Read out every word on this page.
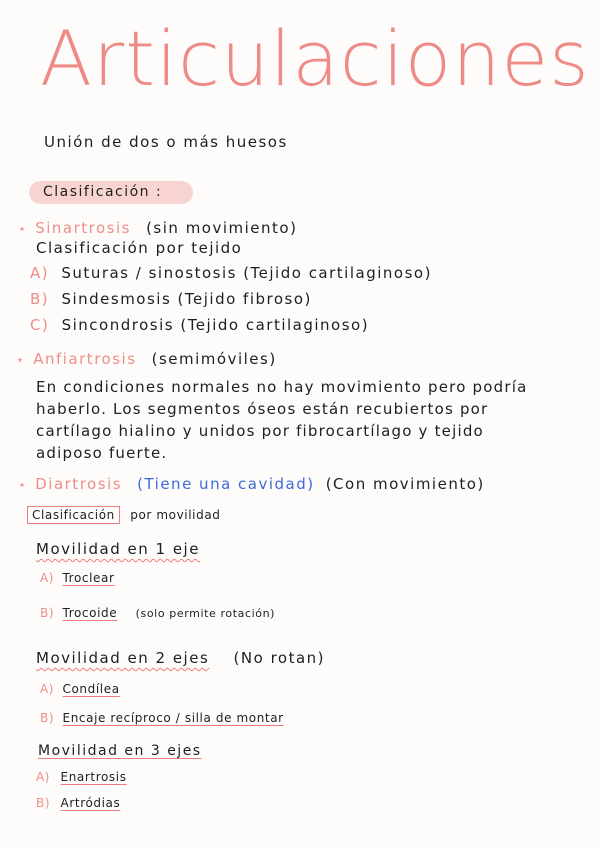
Articulaciones
Unión de dos o más huesos
Clasificación :
⋆ Sinartrosis (sin movimiento)
Clasificación por tejido
A) Suturas / sinostosis (Tejido cartilaginoso)
B) Sindesmosis (Tejido fibroso)
C) Sincondrosis (Tejido cartilaginoso)
⋆ Anfiartrosis (semimóviles)
En condiciones normales no hay movimiento pero podría haberlo. Los segmentos óseos están recubiertos por cartílago hialino y unidos por fibrocartílago y tejido adiposo fuerte.
⋆ Diartrosis (Tiene una cavidad) (Con movimiento)
Clasificación por movilidad
Movilidad en 1 eje
A) Troclear
B) Trocoide (solo permite rotación)
Movilidad en 2 ejes (No rotan)
A) Condílea
B) Encaje recíproco / silla de montar
Movilidad en 3 ejes
A) Enartrosis
B) Artródias
